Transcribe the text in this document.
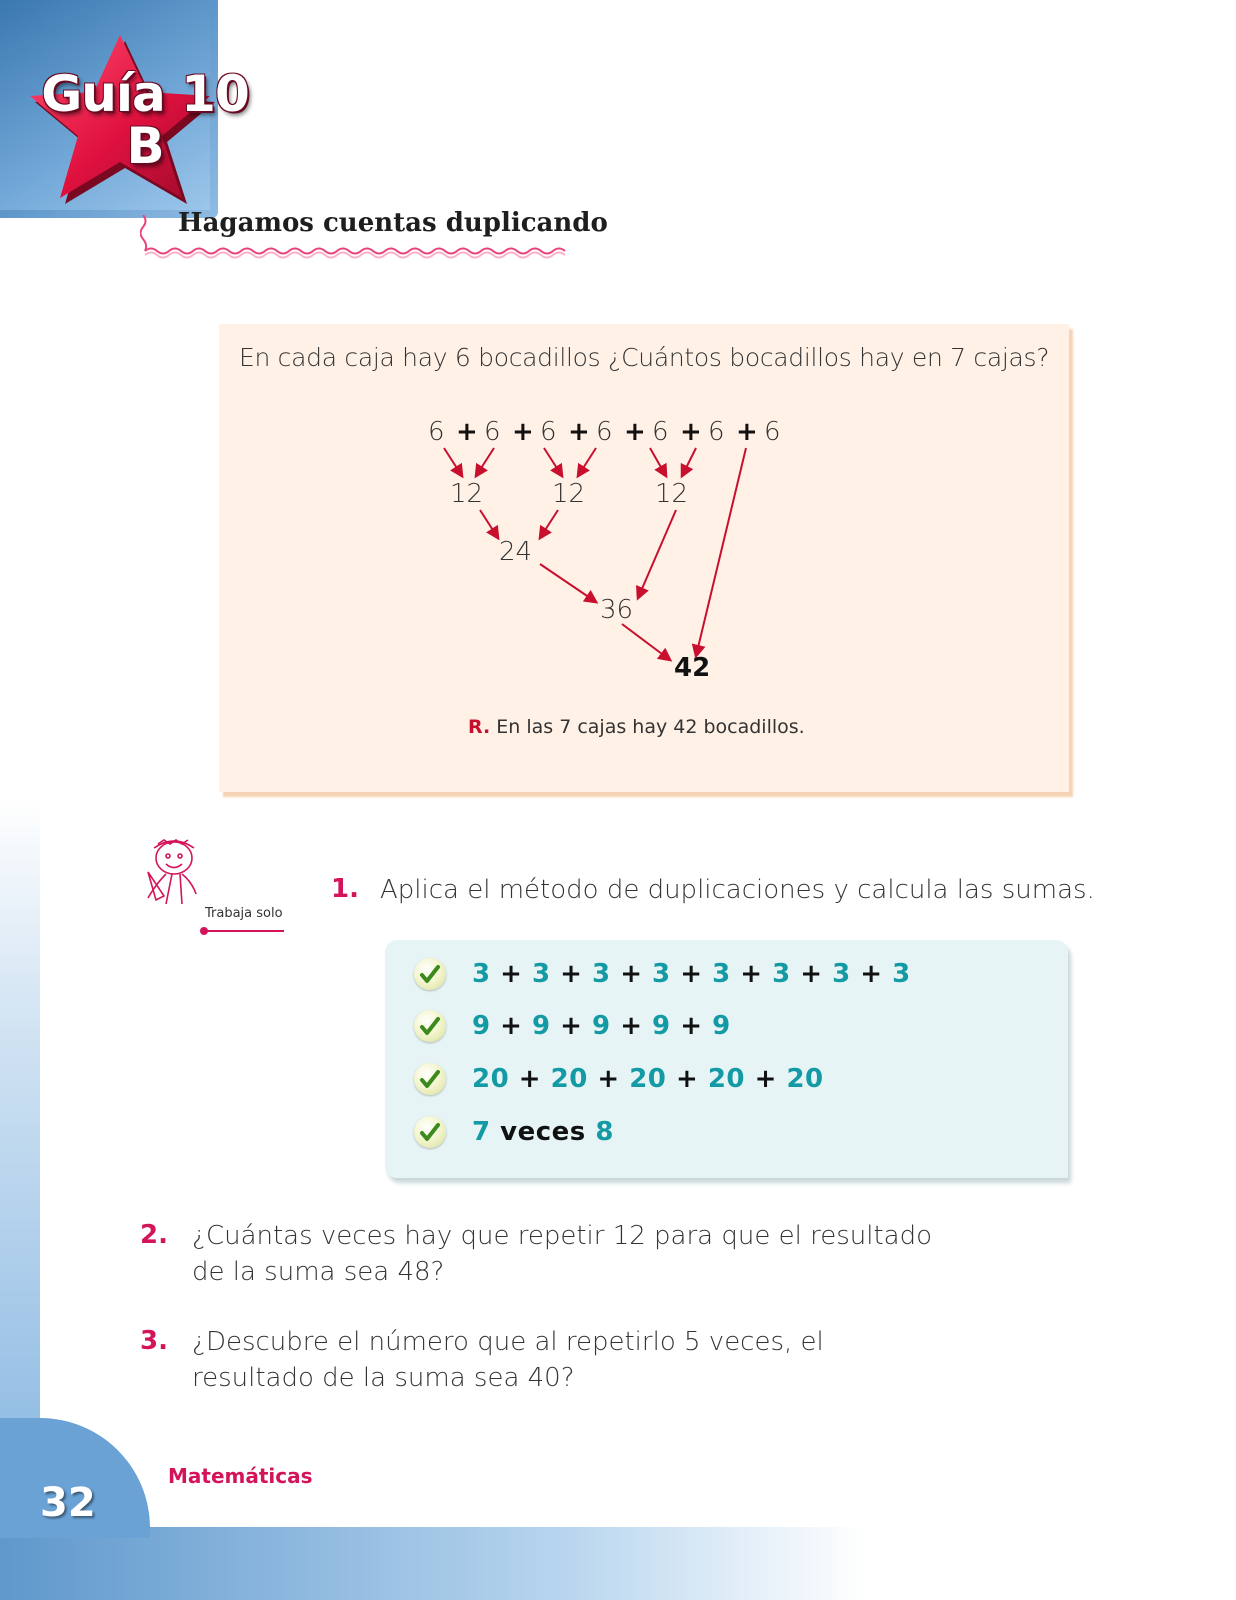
Guía 10
B
Hagamos cuentas duplicando
En cada caja hay 6 bocadillos ¿Cuántos bocadillos hay en 7 cajas?
6 + 6 + 6 + 6 + 6 + 6 + 6
12	12	12
24
36
42
R. En las 7 cajas hay 42 bocadillos.
Trabaja solo
1. Aplica el método de duplicaciones y calcula las sumas.
3 + 3 + 3 + 3 + 3 + 3 + 3 + 3
9 + 9 + 9 + 9 + 9
20 + 20 + 20 + 20 + 20
7 veces 8
2. ¿Cuántas veces hay que repetir 12 para que el resultado de la suma sea 48?
3. ¿Descubre el número que al repetirlo 5 veces, el resultado de la suma sea 40?
Matemáticas
32
